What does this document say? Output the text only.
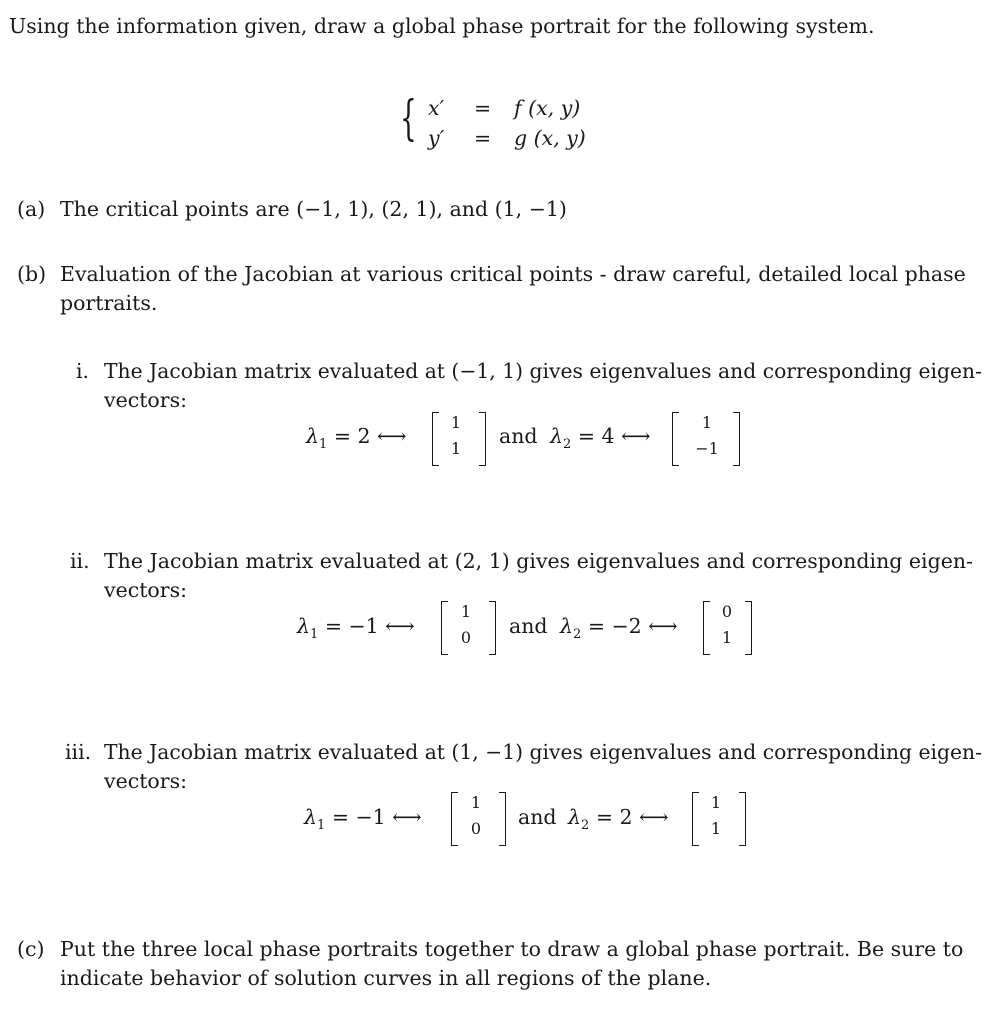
Using the information given, draw a global phase portrait for the following system.
{ x′ = f (x, y)
y′ = g (x, y)
(a) The critical points are (−1, 1), (2, 1), and (1, −1)
(b) Evaluation of the Jacobian at various critical points - draw careful, detailed local phase
portraits.
i. The Jacobian matrix evaluated at (−1, 1) gives eigenvalues and corresponding eigen-
vectors:
$\lambda_1 = 2$ ⟷
1
1
and $\lambda_2 = 4$ ⟷
1
−1
ii. The Jacobian matrix evaluated at (2, 1) gives eigenvalues and corresponding eigen-
vectors:
$\lambda_1 = -1$ ⟷
1
0	and $\lambda_2 = -2$ ⟷
0
1
iii. The Jacobian matrix evaluated at (1, −1) gives eigenvalues and corresponding eigen-
vectors:
$\lambda_1 = -1$ ⟷
1
0	and $\lambda_2 = 2$ ⟷
1
1
(c) Put the three local phase portraits together to draw a global phase portrait. Be sure to
indicate behavior of solution curves in all regions of the plane.
